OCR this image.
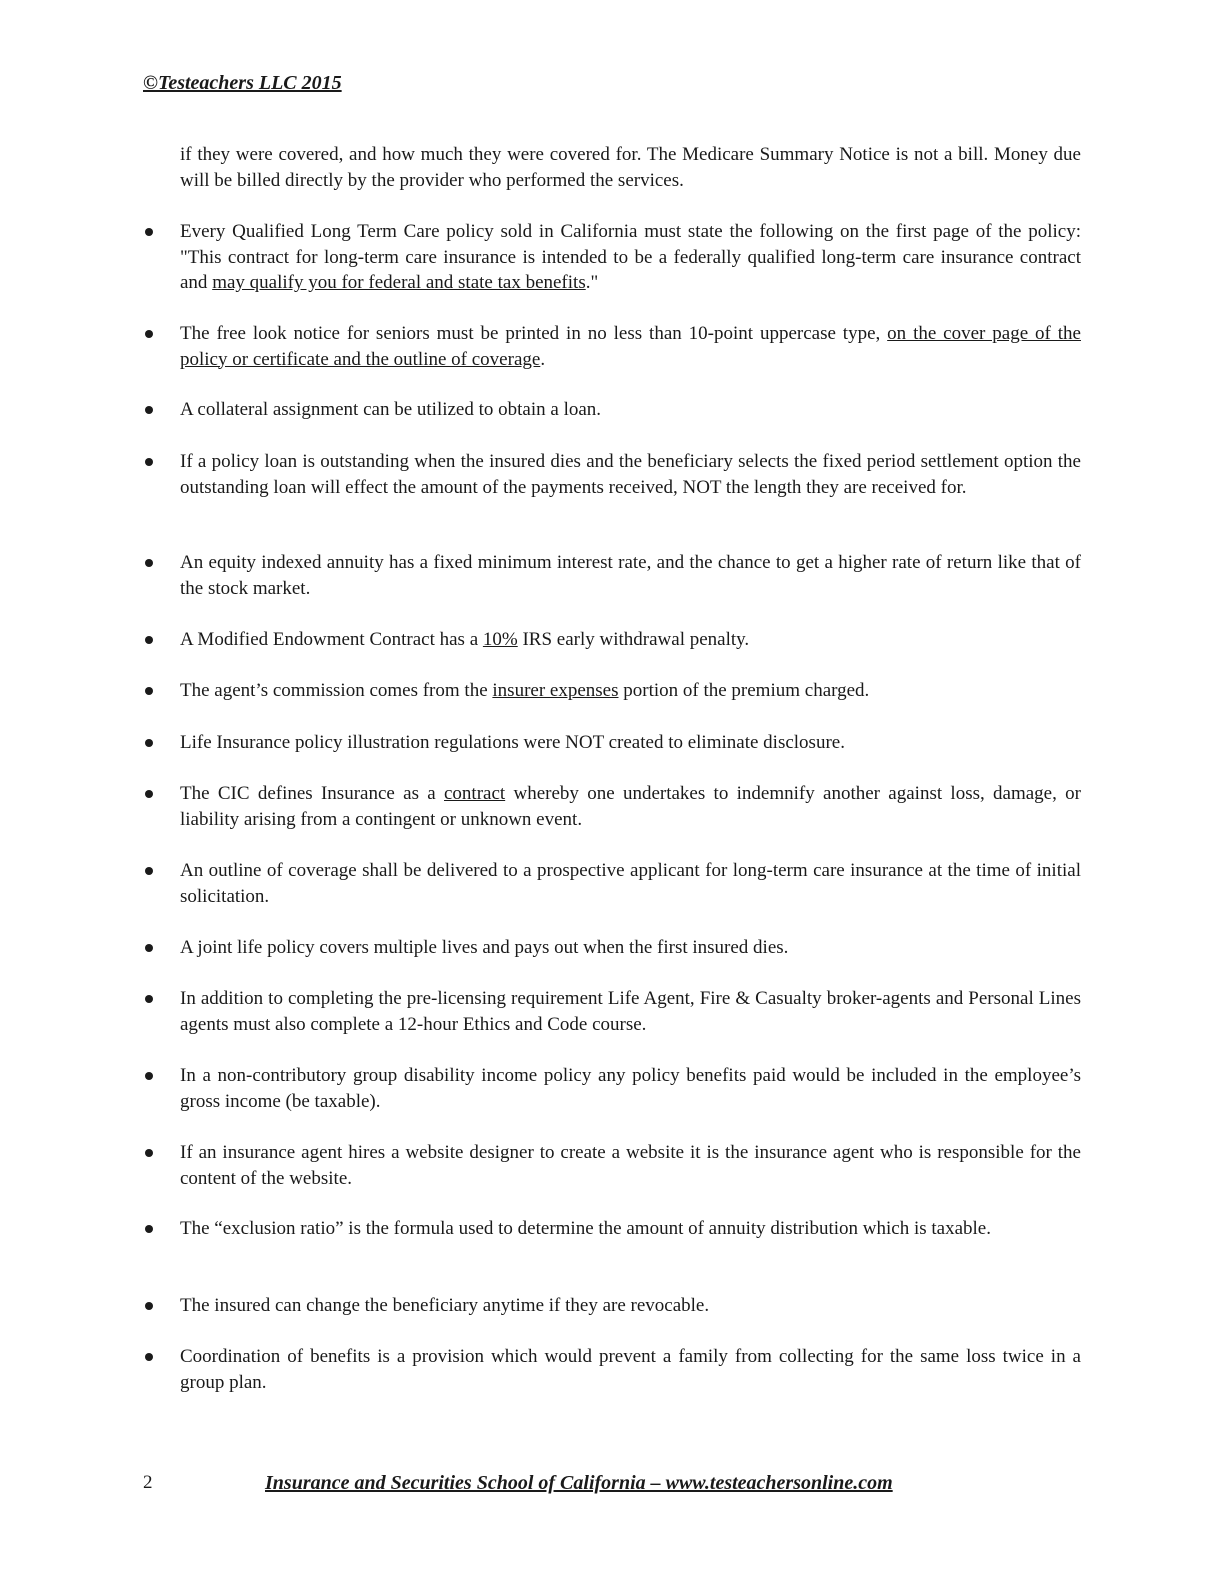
©Testeachers LLC 2015
if they were covered, and how much they were covered for. The Medicare Summary Notice is not a bill. Money due will be billed directly by the provider who performed the services.
Every Qualified Long Term Care policy sold in California must state the following on the first page of the policy: "This contract for long-term care insurance is intended to be a federally qualified long-term care insurance contract and may qualify you for federal and state tax benefits."
The free look notice for seniors must be printed in no less than 10-point uppercase type, on the cover page of the policy or certificate and the outline of coverage.
A collateral assignment can be utilized to obtain a loan.
If a policy loan is outstanding when the insured dies and the beneficiary selects the fixed period settlement option the outstanding loan will effect the amount of the payments received, NOT the length they are received for.
An equity indexed annuity has a fixed minimum interest rate, and the chance to get a higher rate of return like that of the stock market.
A Modified Endowment Contract has a 10% IRS early withdrawal penalty.
The agent’s commission comes from the insurer expenses portion of the premium charged.
Life Insurance policy illustration regulations were NOT created to eliminate disclosure.
The CIC defines Insurance as a contract whereby one undertakes to indemnify another against loss, damage, or liability arising from a contingent or unknown event.
An outline of coverage shall be delivered to a prospective applicant for long-term care insurance at the time of initial solicitation.
A joint life policy covers multiple lives and pays out when the first insured dies.
In addition to completing the pre-licensing requirement Life Agent, Fire & Casualty broker-agents and Personal Lines agents must also complete a 12-hour Ethics and Code course.
In a non-contributory group disability income policy any policy benefits paid would be included in the employee’s gross income (be taxable).
If an insurance agent hires a website designer to create a website it is the insurance agent who is responsible for the content of the website.
The “exclusion ratio” is the formula used to determine the amount of annuity distribution which is taxable.
The insured can change the beneficiary anytime if they are revocable.
Coordination of benefits is a provision which would prevent a family from collecting for the same loss twice in a group plan.
2	Insurance and Securities School of California – www.testeachersonline.com
